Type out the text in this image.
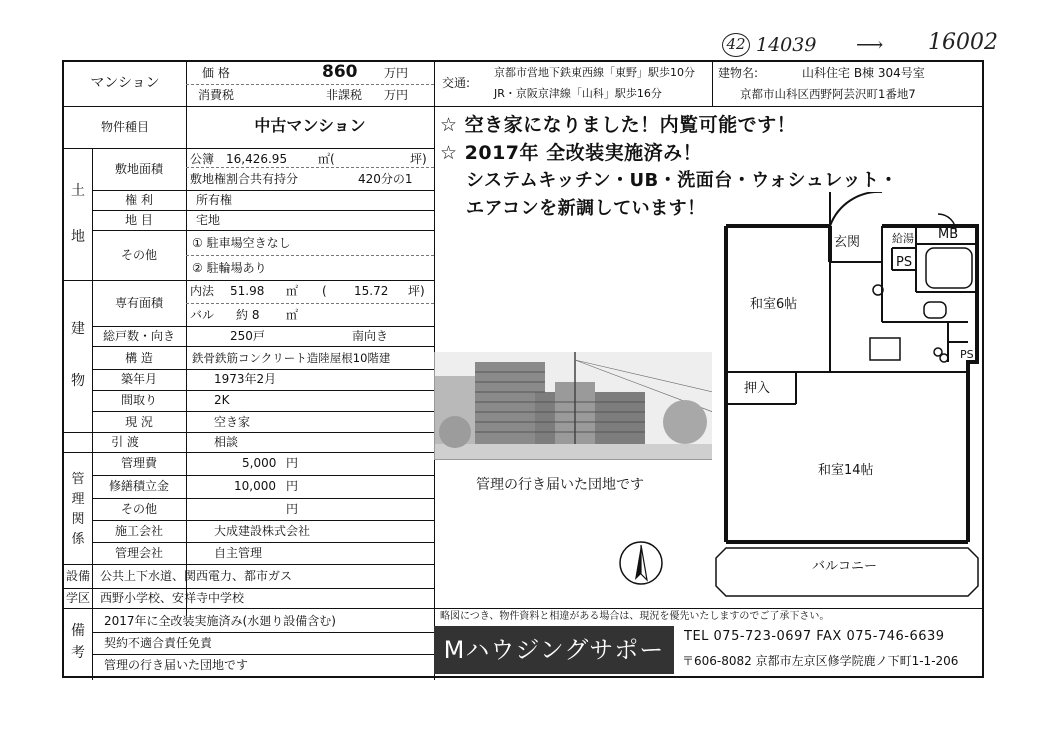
42 14039 ⟶ 16002
マンション
価 格	860 万円
消費税	非課税 万円
交通:
京都市営地下鉄東西線「東野」駅歩10分
JR・京阪京津線「山科」駅歩16分
建物名:	山科住宅 B棟 304号室
京都市山科区西野阿芸沢町1番地7
物件種目	中古マンション
土
地
敷地面積
公簿 16,426.95	㎡(	坪)
敷地権割合共有持分	420分の1
権 利	所有権
地 目	宅地
その他
① 駐車場空きなし
② 駐輪場あり
建
物
専有面積
内法 51.98 ㎡ ( 15.72 坪)
バル 約 8 ㎡
総戸数・向き	250戸	南向き
構 造	鉄骨鉄筋コンクリート造陸屋根10階建
築年月	1973年2月
間取り	2K
現 況	空き家
引 渡	相談
管
理
関
係
管理費	5,000 円
修繕積立金	10,000 円
その他	円
施工会社	大成建設株式会社
管理会社	自主管理
設備 公共上下水道、関西電力、都市ガス
学区 西野小学校、安祥寺中学校
備
考
2017年に全改装実施済み(水廻り設備含む)
契約不適合責任免責
管理の行き届いた団地です
☆ 空き家になりました！内覧可能です！
☆ 2017年 全改装実施済み！
システムキッチン・UB・洗面台・ウォシュレット・
エアコンを新調しています！
管理の行き届いた団地です
玄関	給湯 MB
PS
PS
和室6帖
押入
和室14帖
バルコニー
略図につき、物件資料と相違がある場合は、現況を優先いたしますのでご了承下さい。
Mハウジングサポート
TEL 075-723-0697 FAX 075-746-6639
〒606-8082 京都市左京区修学院鹿ノ下町1-1-206
